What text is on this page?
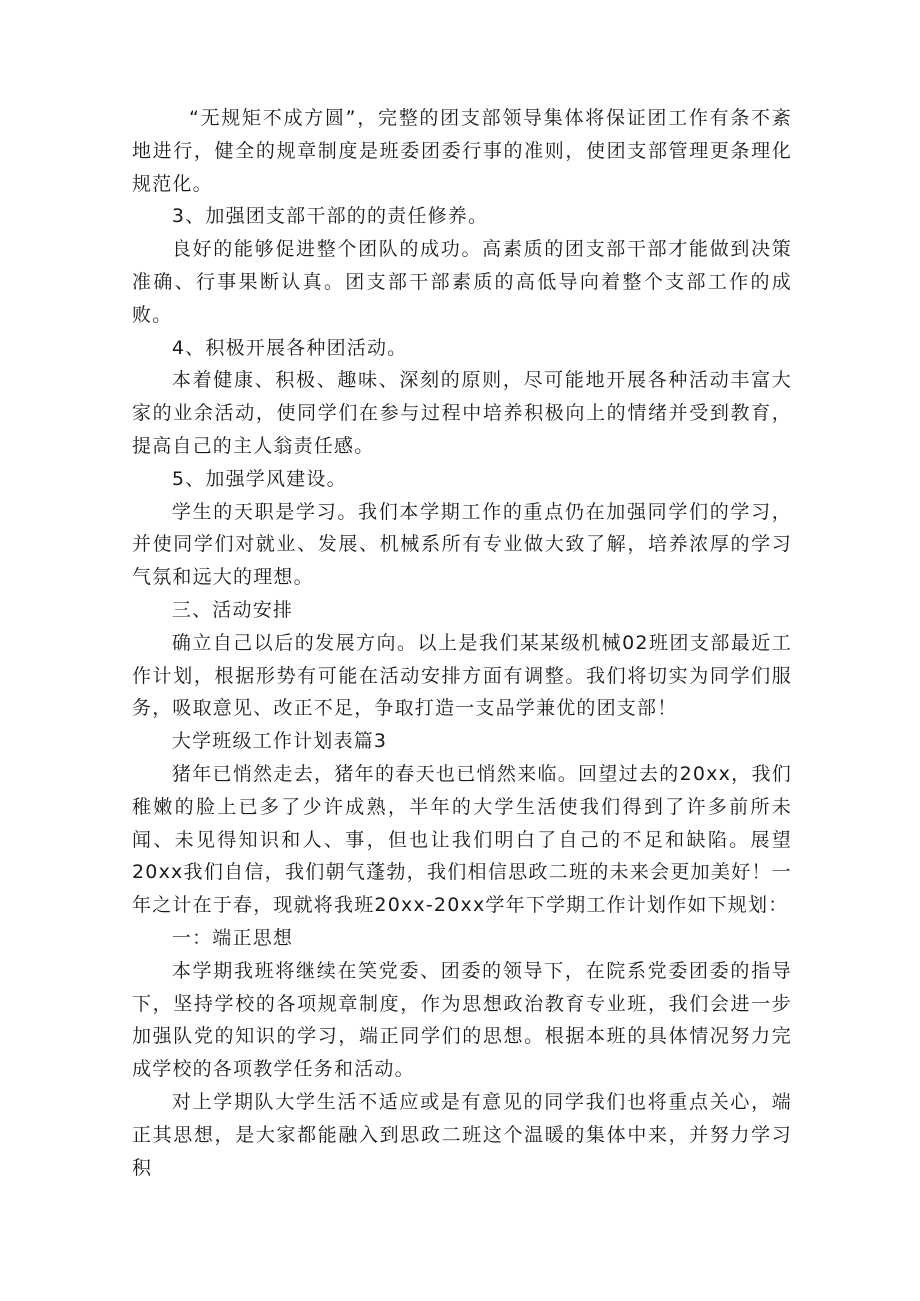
“无规矩不成方圆”，完整的团支部领导集体将保证团工作有条不紊地进行，健全的规章制度是班委团委行事的准则，使团支部管理更条理化规范化。

3、加强团支部干部的的责任修养。

良好的能够促进整个团队的成功。高素质的团支部干部才能做到决策准确、行事果断认真。团支部干部素质的高低导向着整个支部工作的成败。

4、积极开展各种团活动。

本着健康、积极、趣味、深刻的原则，尽可能地开展各种活动丰富大家的业余活动，使同学们在参与过程中培养积极向上的情绪并受到教育，提高自己的主人翁责任感。

5、加强学风建设。

学生的天职是学习。我们本学期工作的重点仍在加强同学们的学习，并使同学们对就业、发展、机械系所有专业做大致了解，培养浓厚的学习气氛和远大的理想。

三、活动安排

确立自己以后的发展方向。以上是我们某某级机械02班团支部最近工作计划，根据形势有可能在活动安排方面有调整。我们将切实为同学们服务，吸取意见、改正不足，争取打造一支品学兼优的团支部！

大学班级工作计划表篇3

猪年已悄然走去，猪年的春天也已悄然来临。回望过去的20xx，我们稚嫩的脸上已多了少许成熟，半年的大学生活使我们得到了许多前所未闻、未见得知识和人、事，但也让我们明白了自己的不足和缺陷。展望20xx我们自信，我们朝气蓬勃，我们相信思政二班的未来会更加美好！一年之计在于春，现就将我班20xx-20xx学年下学期工作计划作如下规划：

一：端正思想

本学期我班将继续在笑党委、团委的领导下，在院系党委团委的指导下，坚持学校的各项规章制度，作为思想政治教育专业班，我们会进一步加强队党的知识的学习，端正同学们的思想。根据本班的具体情况努力完成学校的各项教学任务和活动。

对上学期队大学生活不适应或是有意见的同学我们也将重点关心，端正其思想，是大家都能融入到思政二班这个温暖的集体中来，并努力学习积
